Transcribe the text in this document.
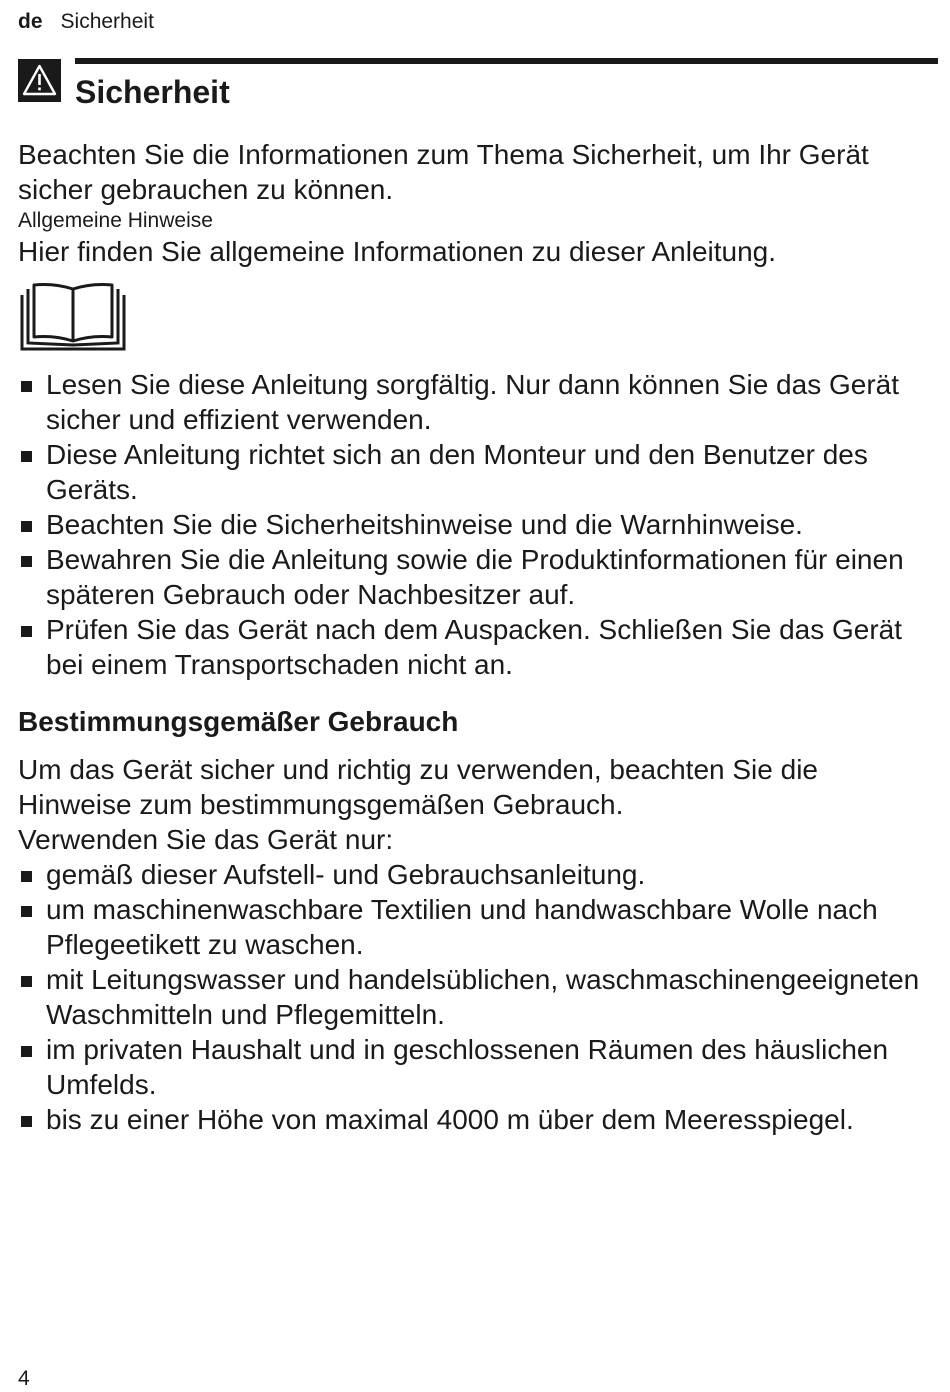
de Sicherheit
Sicherheit

Beachten Sie die Informationen zum Thema Sicherheit, um Ihr Gerät sicher gebrauchen zu können.

Allgemeine Hinweise

Hier finden Sie allgemeine Informationen zu dieser Anleitung.

Lesen Sie diese Anleitung sorgfältig. Nur dann können Sie das Gerät sicher und effizient verwenden.
Diese Anleitung richtet sich an den Monteur und den Benutzer des Geräts.
Beachten Sie die Sicherheitshinweise und die Warnhinweise.
Bewahren Sie die Anleitung sowie die Produktinformationen für einen späteren Gebrauch oder Nachbesitzer auf.
Prüfen Sie das Gerät nach dem Auspacken. Schließen Sie das Gerät bei einem Transportschaden nicht an.
Bestimmungsgemäßer Gebrauch

Um das Gerät sicher und richtig zu verwenden, beachten Sie die Hinweise zum bestimmungsgemäßen Gebrauch.

Verwenden Sie das Gerät nur:

gemäß dieser Aufstell- und Gebrauchsanleitung.
um maschinenwaschbare Textilien und handwaschbare Wolle nach Pflegeetikett zu waschen.
mit Leitungswasser und handelsüblichen, waschmaschinengeeigneten Waschmitteln und Pflegemitteln.
im privaten Haushalt und in geschlossenen Räumen des häuslichen Umfelds.
bis zu einer Höhe von maximal 4000 m über dem Meeresspiegel.
4
